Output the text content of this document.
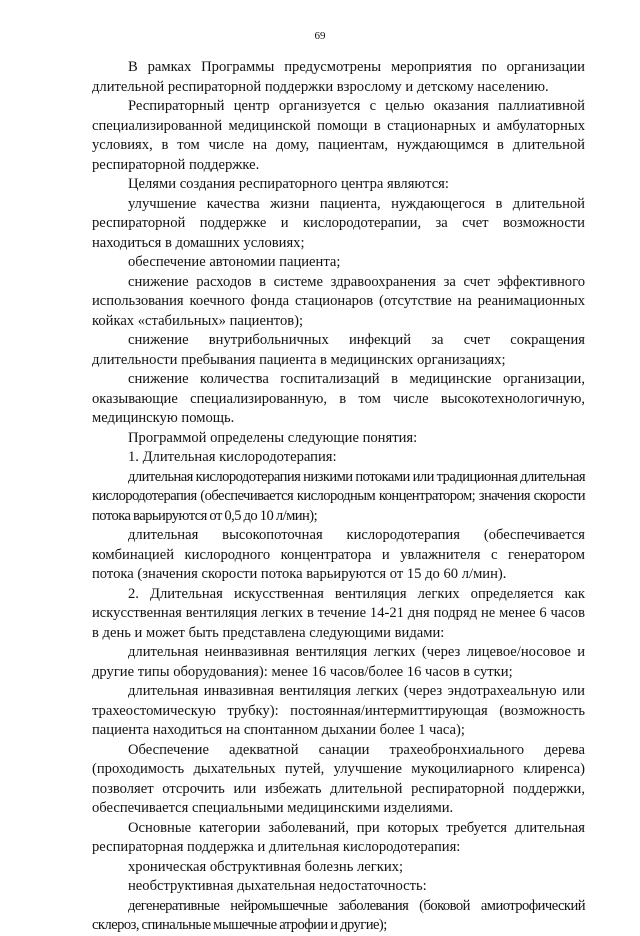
69

В рамках Программы предусмотрены мероприятия по организации длительной респираторной поддержки взрослому и детскому населению.

Респираторный центр организуется с целью оказания паллиативной специализированной медицинской помощи в стационарных и амбулаторных условиях, в том числе на дому, пациентам, нуждающимся в длительной респираторной поддержке.

Целями создания респираторного центра являются:

улучшение качества жизни пациента, нуждающегося в длительной респираторной поддержке и кислородотерапии, за счет возможности находиться в домашних условиях;

обеспечение автономии пациента;

снижение расходов в системе здравоохранения за счет эффективного использования коечного фонда стационаров (отсутствие на реанимационных койках «стабильных» пациентов);

снижение внутрибольничных инфекций за счет сокращения длительности пребывания пациента в медицинских организациях;

снижение количества госпитализаций в медицинские организации, оказывающие специализированную, в том числе высокотехнологичную, медицинскую помощь.

Программой определены следующие понятия:

1. Длительная кислородотерапия:

длительная кислородотерапия низкими потоками или традиционная длительная кислородотерапия (обеспечивается кислородным концентратором; значения скорости потока варьируются от 0,5 до 10 л/мин);

длительная высокопоточная кислородотерапия (обеспечивается комбинацией кислородного концентратора и увлажнителя с генератором потока (значения скорости потока варьируются от 15 до 60 л/мин).

2. Длительная искусственная вентиляция легких определяется как искусственная вентиляция легких в течение 14-21 дня подряд не менее 6 часов в день и может быть представлена следующими видами:

длительная неинвазивная вентиляция легких (через лицевое/носовое и другие типы оборудования): менее 16 часов/более 16 часов в сутки;

длительная инвазивная вентиляция легких (через эндотрахеальную или трахеостомическую трубку): постоянная/интермиттирующая (возможность пациента находиться на спонтанном дыхании более 1 часа);

Обеспечение адекватной санации трахеобронхиального дерева (проходимость дыхательных путей, улучшение мукоцилиарного клиренса) позволяет отсрочить или избежать длительной респираторной поддержки, обеспечивается специальными медицинскими изделиями.

Основные категории заболеваний, при которых требуется длительная респираторная поддержка и длительная кислородотерапия:

хроническая обструктивная болезнь легких;

необструктивная дыхательная недостаточность:

дегенеративные нейромышечные заболевания (боковой амиотрофический склероз, спинальные мышечные атрофии и другие);
